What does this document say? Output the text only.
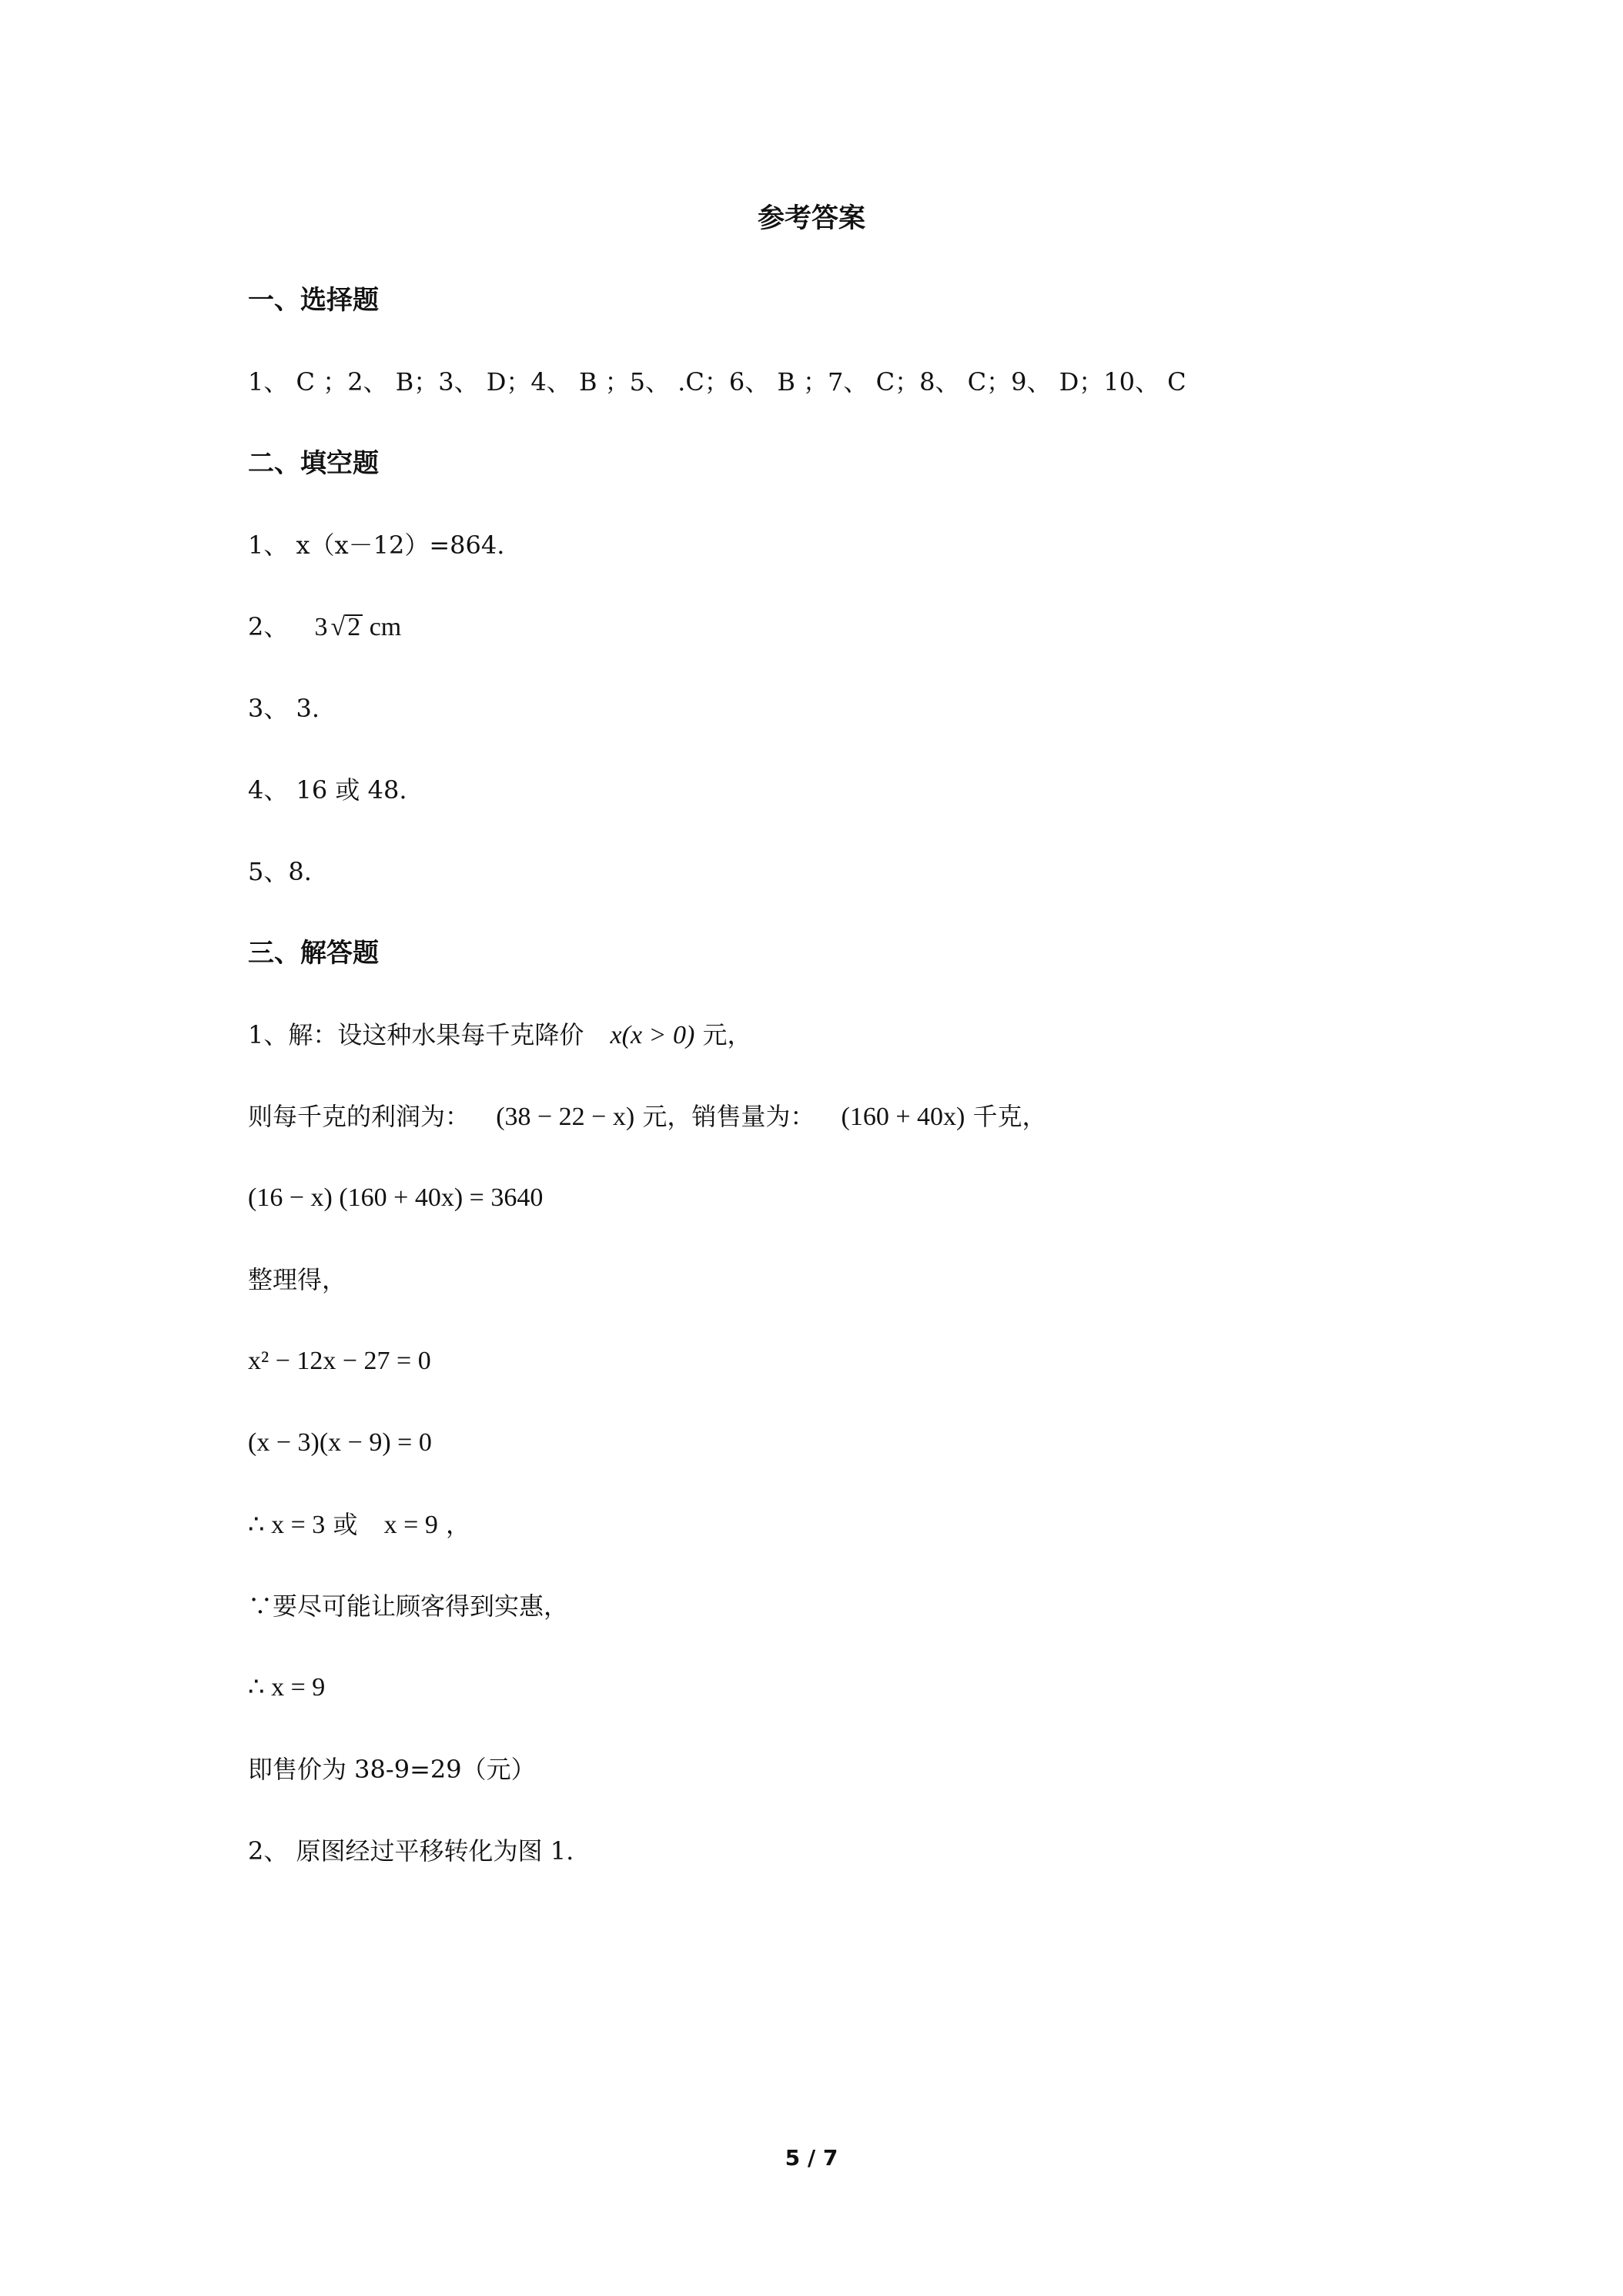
参考答案
一、选择题
1、 C ；2、 B；3、 D；4、 B ；5、 .C；6、 B ；7、 C；8、 C；9、 D；10、 C
二、填空题
1、 x（x－12）=864.
2、 3 √2 cm
3、 3.
4、 16 或 48.
5、8.
三、解答题
1、解：设这种水果每千克降价 x(x > 0) 元，
则每千克的利润为： (38 − 22 − x) 元，销售量为： (160 + 40x) 千克，
(16 − x) (160 + 40x) = 3640
整理得，
x² − 12x − 27 = 0
(x − 3)(x − 9) = 0
∴ x = 3 或 x = 9 ，
∵要尽可能让顾客得到实惠，
∴ x = 9
即售价为 38-9=29（元）
2、 原图经过平移转化为图 1.
5 / 7
